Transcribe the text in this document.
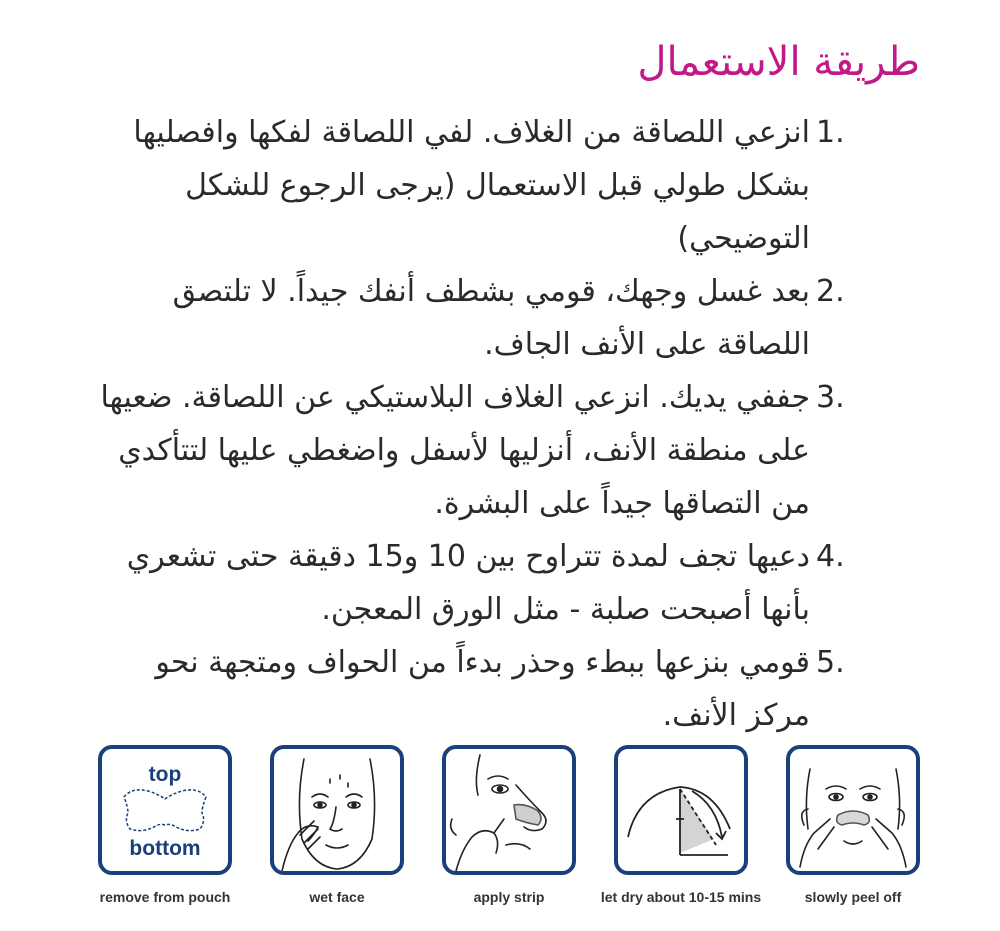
طريقة الاستعمال
انزعي اللصاقة من الغلاف. لفي اللصاقة لفكها وافصليها بشكل طولي قبل الاستعمال (يرجى الرجوع للشكل التوضيحي)
1.
بعد غسل وجهك، قومي بشطف أنفك جيداً. لا تلتصق اللصاقة على الأنف الجاف.
2.
جففي يديك. انزعي الغلاف البلاستيكي عن اللصاقة. ضعيها على منطقة الأنف، أنزليها لأسفل واضغطي عليها لتتأكدي من التصاقها جيداً على البشرة.
3.
دعيها تجف لمدة تتراوح بين 10 و15 دقيقة حتى تشعري بأنها أصبحت صلبة - مثل الورق المعجن.
4.
قومي بنزعها ببطء وحذر بدءاً من الحواف ومتجهة نحو مركز الأنف.
5.
top
bottom
remove from pouch	wet face	apply strip	let dry about 10-15 mins	slowly peel off
